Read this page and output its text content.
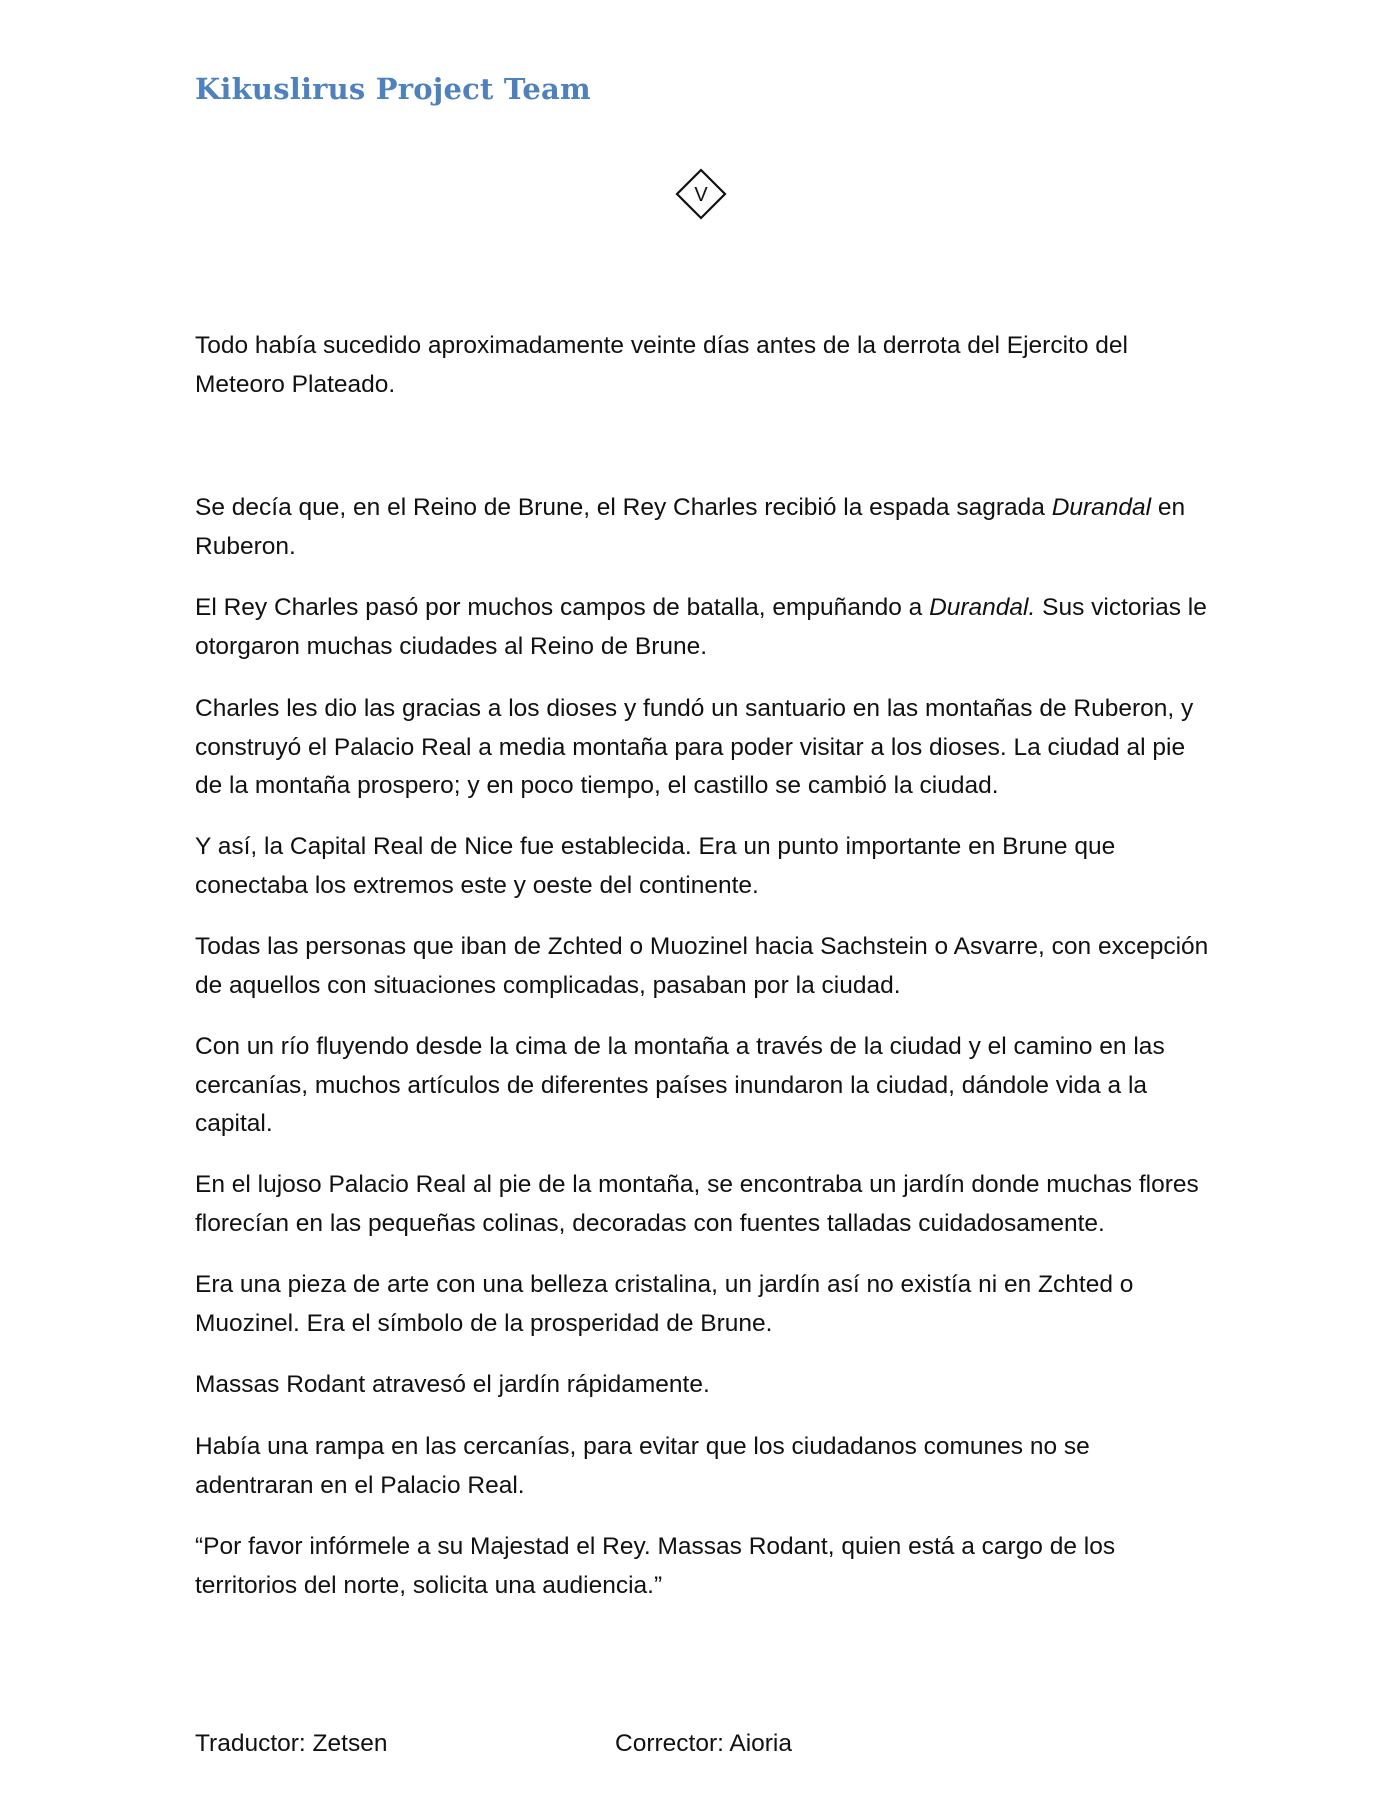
Kikuslirus Project Team
V

Todo había sucedido aproximadamente veinte días antes de la derrota del Ejercito del Meteoro Plateado.

Se decía que, en el Reino de Brune, el Rey Charles recibió la espada sagrada Durandal en Ruberon.

El Rey Charles pasó por muchos campos de batalla, empuñando a Durandal. Sus victorias le otorgaron muchas ciudades al Reino de Brune.

Charles les dio las gracias a los dioses y fundó un santuario en las montañas de Ruberon, y construyó el Palacio Real a media montaña para poder visitar a los dioses. La ciudad al pie de la montaña prospero; y en poco tiempo, el castillo se cambió la ciudad.

Y así, la Capital Real de Nice fue establecida. Era un punto importante en Brune que conectaba los extremos este y oeste del continente.

Todas las personas que iban de Zchted o Muozinel hacia Sachstein o Asvarre, con excepción de aquellos con situaciones complicadas, pasaban por la ciudad.

Con un río fluyendo desde la cima de la montaña a través de la ciudad y el camino en las cercanías, muchos artículos de diferentes países inundaron la ciudad, dándole vida a la capital.

En el lujoso Palacio Real al pie de la montaña, se encontraba un jardín donde muchas flores florecían en las pequeñas colinas, decoradas con fuentes talladas cuidadosamente.

Era una pieza de arte con una belleza cristalina, un jardín así no existía ni en Zchted o Muozinel. Era el símbolo de la prosperidad de Brune.

Massas Rodant atravesó el jardín rápidamente.

Había una rampa en las cercanías, para evitar que los ciudadanos comunes no se adentraran en el Palacio Real.

“Por favor infórmele a su Majestad el Rey. Massas Rodant, quien está a cargo de los territorios del norte, solicita una audiencia.”

Traductor: Zetsen	Corrector: Aioria
